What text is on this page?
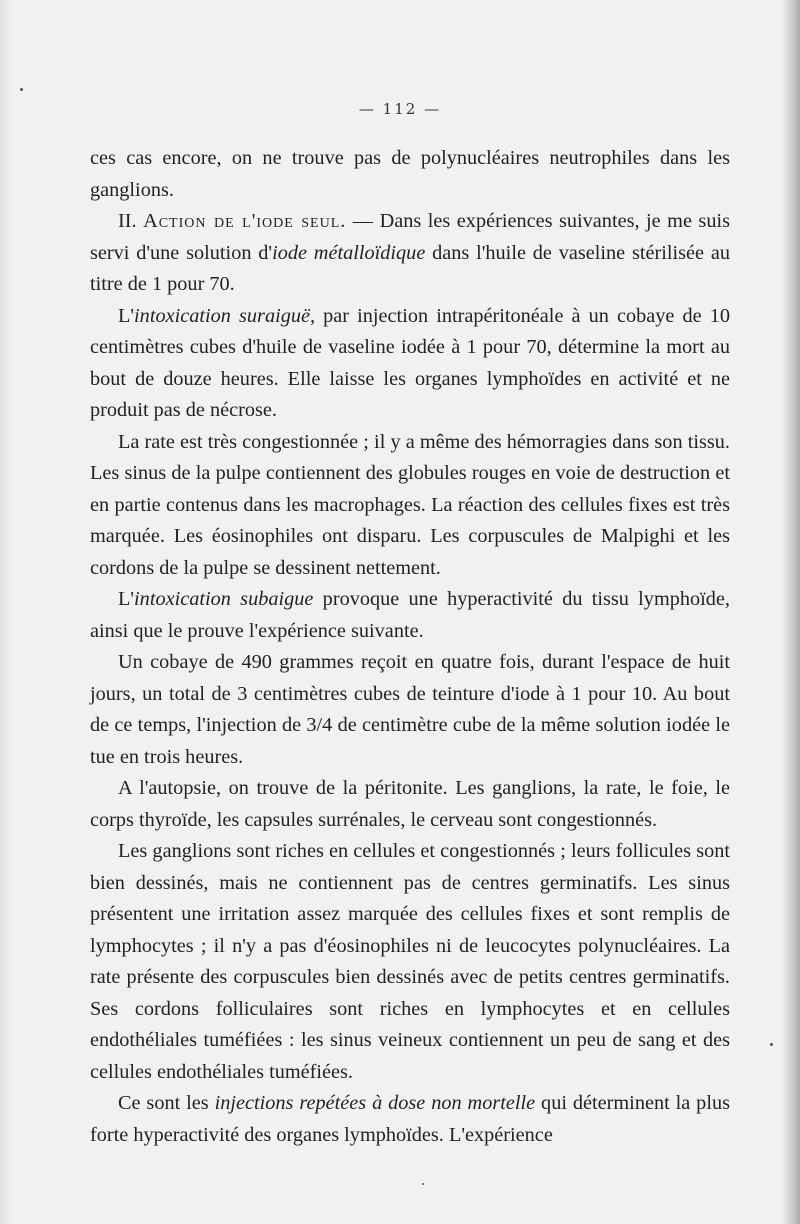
— 112 —

ces cas encore, on ne trouve pas de polynucléaires neutrophiles dans les ganglions.

II. Action de l'iode seul. — Dans les expériences suivantes, je me suis servi d'une solution d'iode métalloïdique dans l'huile de vaseline stérilisée au titre de 1 pour 70.

L'intoxication suraiguë, par injection intrapéritonéale à un cobaye de 10 centimètres cubes d'huile de vaseline iodée à 1 pour 70, détermine la mort au bout de douze heures. Elle laisse les organes lymphoïdes en activité et ne produit pas de nécrose.

La rate est très congestionnée ; il y a même des hémorragies dans son tissu. Les sinus de la pulpe contiennent des globules rouges en voie de destruction et en partie contenus dans les macrophages. La réaction des cellules fixes est très marquée. Les éosinophiles ont disparu. Les corpuscules de Malpighi et les cordons de la pulpe se dessinent nettement.

L'intoxication subaigue provoque une hyperactivité du tissu lymphoïde, ainsi que le prouve l'expérience suivante.

Un cobaye de 490 grammes reçoit en quatre fois, durant l'espace de huit jours, un total de 3 centimètres cubes de teinture d'iode à 1 pour 10. Au bout de ce temps, l'injection de 3/4 de centimètre cube de la même solution iodée le tue en trois heures.

A l'autopsie, on trouve de la péritonite. Les ganglions, la rate, le foie, le corps thyroïde, les capsules surrénales, le cerveau sont congestionnés.

Les ganglions sont riches en cellules et congestionnés ; leurs follicules sont bien dessinés, mais ne contiennent pas de centres germinatifs. Les sinus présentent une irritation assez marquée des cellules fixes et sont remplis de lymphocytes ; il n'y a pas d'éosinophiles ni de leucocytes polynucléaires. La rate présente des corpuscules bien dessinés avec de petits centres germinatifs. Ses cordons folliculaires sont riches en lymphocytes et en cellules endothéliales tuméfiées : les sinus veineux contiennent un peu de sang et des cellules endothéliales tuméfiées.

Ce sont les injections repétées à dose non mortelle qui déterminent la plus forte hyperactivité des organes lymphoïdes. L'expérience
